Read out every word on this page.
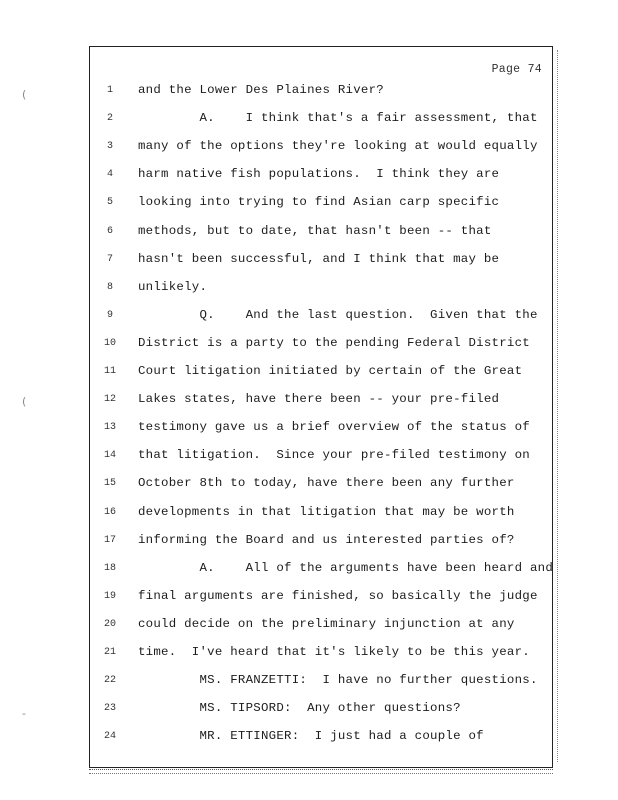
(
(
-
Page 74
1	and the Lower Des Plaines River?
2	A.    I think that's a fair assessment, that
3	many of the options they're looking at would equally
4	harm native fish populations.  I think they are
5	looking into trying to find Asian carp specific
6	methods, but to date, that hasn't been -- that
7	hasn't been successful, and I think that may be
8	unlikely.
9	Q.    And the last question.  Given that the
10 District is a party to the pending Federal District
11 Court litigation initiated by certain of the Great
12 Lakes states, have there been -- your pre-filed
13 testimony gave us a brief overview of the status of
14 that litigation.  Since your pre-filed testimony on
15 October 8th to today, have there been any further
16 developments in that litigation that may be worth
17 informing the Board and us interested parties of?
18 A.    All of the arguments have been heard and
19 final arguments are finished, so basically the judge
20 could decide on the preliminary injunction at any
21 time.  I've heard that it's likely to be this year.
22 MS. FRANZETTI:  I have no further questions.
23 MS. TIPSORD:  Any other questions?
24 MR. ETTINGER:  I just had a couple of
